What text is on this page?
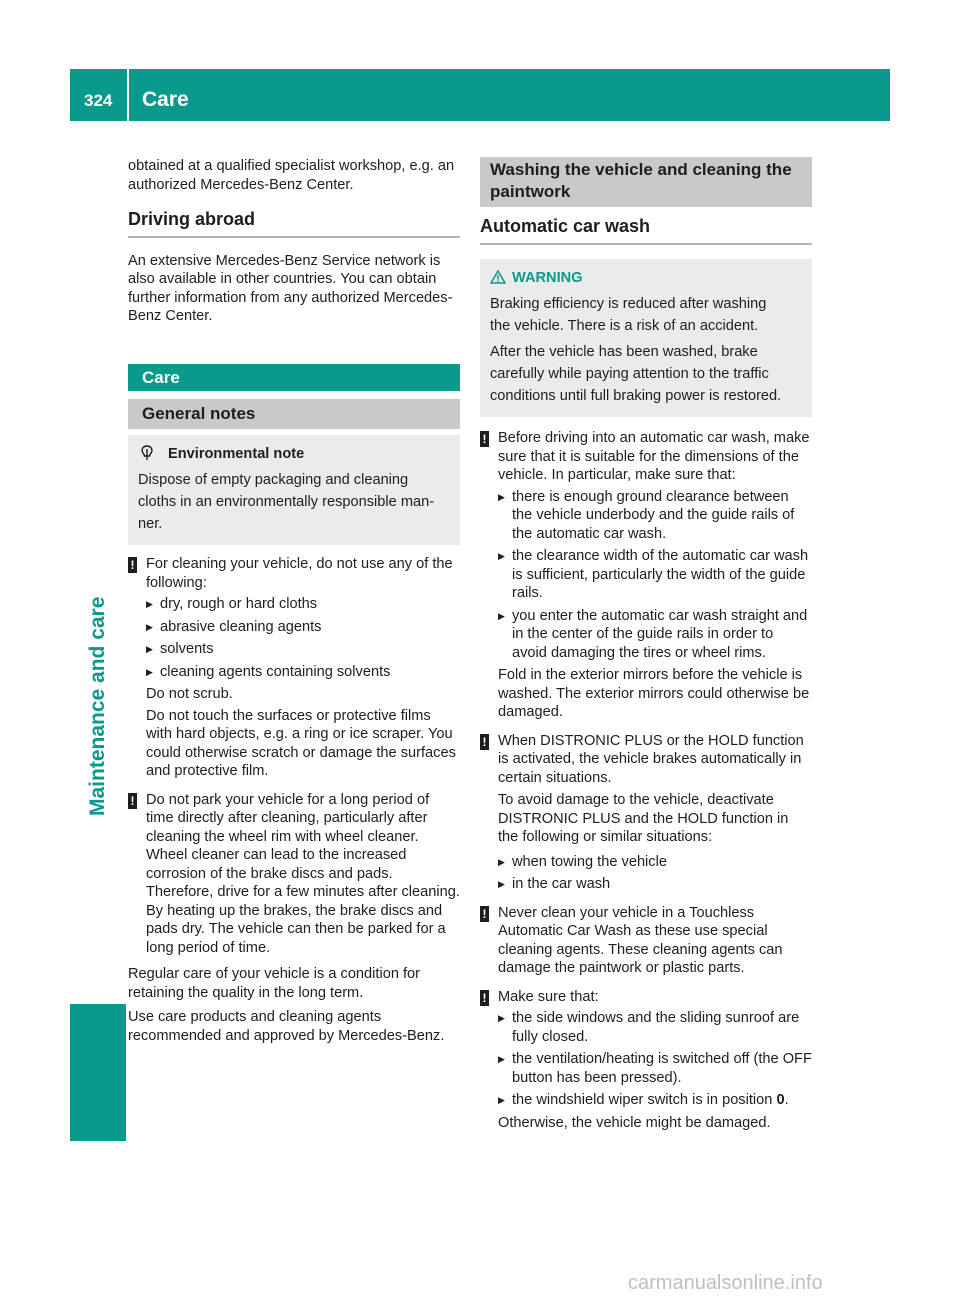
324 Care
Maintenance and care

obtained at a qualified specialist workshop, e.g. an authorized Mercedes-Benz Center.

Driving abroad

An extensive Mercedes-Benz Service network is also available in other countries. You can obtain further information from any authorized Mercedes-Benz Center.

Care
General notes
Environmental note
Dispose of empty packaging and cleaning
cloths in an environmentally responsible man-
ner.
! For cleaning your vehicle, do not use any of the following:

▶ dry, rough or hard cloths
▶ abrasive cleaning agents
▶ solvents
▶ cleaning agents containing solvents

Do not scrub.

Do not touch the surfaces or protective films with hard objects, e.g. a ring or ice scraper. You could otherwise scratch or damage the surfaces and protective film.

! Do not park your vehicle for a long period of time directly after cleaning, particularly after cleaning the wheel rim with wheel cleaner. Wheel cleaner can lead to the increased corrosion of the brake discs and pads. Therefore, drive for a few minutes after cleaning. By heating up the brakes, the brake discs and pads dry. The vehicle can then be parked for a long period of time.

Regular care of your vehicle is a condition for retaining the quality in the long term.

Use care products and cleaning agents recommended and approved by Mercedes-Benz.

Washing the vehicle and cleaning the paintwork
Automatic car wash
WARNING
Braking efficiency is reduced after washing
the vehicle. There is a risk of an accident.
After the vehicle has been washed, brake
carefully while paying attention to the traffic
conditions until full braking power is restored.
! Before driving into an automatic car wash, make sure that it is suitable for the dimensions of the vehicle. In particular, make sure that:

▶ there is enough ground clearance between the vehicle underbody and the guide rails of the automatic car wash.
▶ the clearance width of the automatic car wash is sufficient, particularly the width of the guide rails.
▶ you enter the automatic car wash straight and in the center of the guide rails in order to avoid damaging the tires or wheel rims.

Fold in the exterior mirrors before the vehicle is washed. The exterior mirrors could otherwise be damaged.

! When DISTRONIC PLUS or the HOLD function is activated, the vehicle brakes automatically in certain situations.

To avoid damage to the vehicle, deactivate DISTRONIC PLUS and the HOLD function in the following or similar situations:

▶ when towing the vehicle
▶ in the car wash
! Never clean your vehicle in a Touchless Automatic Car Wash as these use special cleaning agents. These cleaning agents can damage the paintwork or plastic parts.

! Make sure that:

▶ the side windows and the sliding sunroof are fully closed.
▶ the ventilation/heating is switched off (the OFF button has been pressed).
▶ the windshield wiper switch is in position 0.

Otherwise, the vehicle might be damaged.

carmanualsonline.info
